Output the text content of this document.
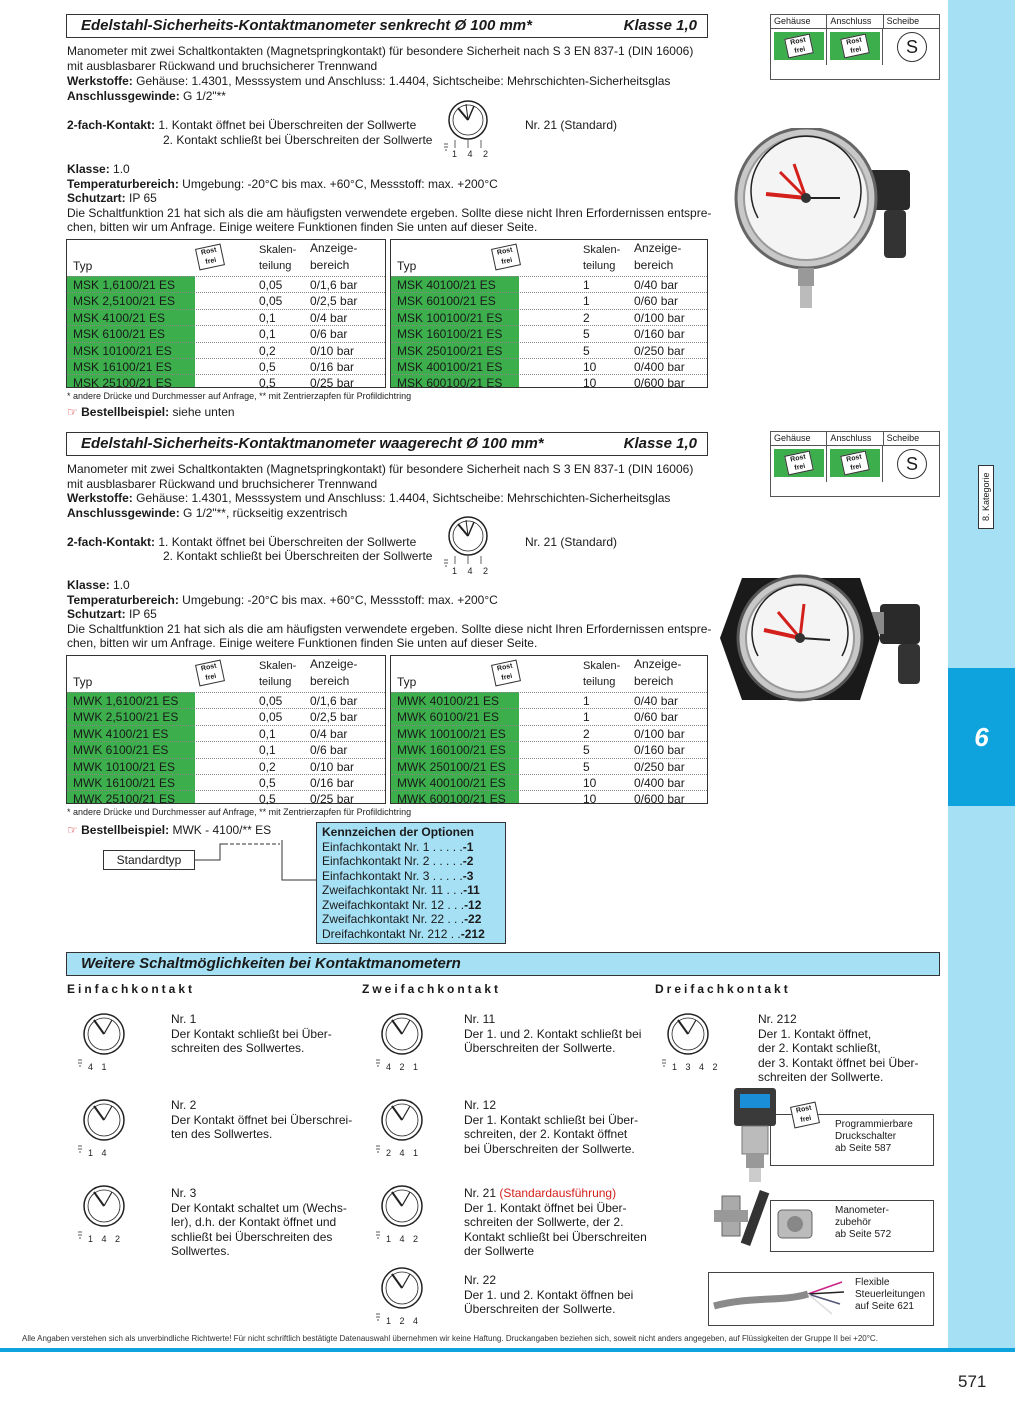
8. Kategorie
6
Edelstahl-Sicherheits-Kontaktmanometer senkrecht Ø 100 mm*	Klasse 1,0	Gehäuse	Anschluss	Scheibe
Rost frei
Rost frei	S
Manometer mit zwei Schaltkontakten (Magnetspringkontakt) für besondere Sicherheit nach S 3 EN 837-1 (DIN 16006)
mit ausblasbarer Rückwand und bruchsicherer Trennwand
Werkstoffe: Gehäuse: 1.4301, Messsystem und Anschluss: 1.4404, Sichtscheibe: Mehrschichten-Sicherheitsglas
Anschlussgewinde: G 1/2"**
2-fach-Kontakt: 1. Kontakt öffnet bei Überschreiten der Sollwerte
2. Kontakt schließt bei Überschreiten der Sollwerte
1 4 2
Nr. 21 (Standard)
Klasse: 1.0
Temperaturbereich: Umgebung: -20°C bis max. +60°C, Messstoff: max. +200°C
Schutzart: IP 65
Die Schaltfunktion 21 hat sich als die am häufigsten verwendete ergeben. Sollte diese nicht Ihren Erfordernissen entspre-
chen, bitten wir um Anfrage. Einige weitere Funktionen finden Sie unten auf dieser Seite.
Typ
Skalen-
teilung
Anzeige-
bereich
Rost frei
MSK 1,6100/21 ES	0,05 0/1,6 bar
MSK 2,5100/21 ES	0,05 0/2,5 bar
MSK 4100/21 ES	0,1	0/4 bar
MSK 6100/21 ES	0,1	0/6 bar
MSK 10100/21 ES	0,2	0/10 bar
MSK 16100/21 ES	0,5	0/16 bar
MSK 25100/21 ES	0,5	0/25 bar
Typ
Skalen-
teilung
Anzeige-
bereich
Rost frei
MSK 40100/21 ES	1	0/40 bar
MSK 60100/21 ES	1	0/60 bar
MSK 100100/21 ES	2	0/100 bar
MSK 160100/21 ES	5	0/160 bar
MSK 250100/21 ES	5	0/250 bar
MSK 400100/21 ES	10	0/400 bar
MSK 600100/21 ES	10	0/600 bar
* andere Drücke und Durchmesser auf Anfrage, ** mit Zentrierzapfen für Profildichtring
☞ Bestellbeispiel: siehe unten
Edelstahl-Sicherheits-Kontaktmanometer waagerecht Ø 100 mm*	Klasse 1,0	Gehäuse	Anschluss	Scheibe
Rost frei
Rost frei	S
Manometer mit zwei Schaltkontakten (Magnetspringkontakt) für besondere Sicherheit nach S 3 EN 837-1 (DIN 16006)
mit ausblasbarer Rückwand und bruchsicherer Trennwand
Werkstoffe: Gehäuse: 1.4301, Messsystem und Anschluss: 1.4404, Sichtscheibe: Mehrschichten-Sicherheitsglas
Anschlussgewinde: G 1/2"**, rückseitig exzentrisch
2-fach-Kontakt: 1. Kontakt öffnet bei Überschreiten der Sollwerte
2. Kontakt schließt bei Überschreiten der Sollwerte
1 4 2
Nr. 21 (Standard)
Klasse: 1.0
Temperaturbereich: Umgebung: -20°C bis max. +60°C, Messstoff: max. +200°C
Schutzart: IP 65
Die Schaltfunktion 21 hat sich als die am häufigsten verwendete ergeben. Sollte diese nicht Ihren Erfordernissen entspre-
chen, bitten wir um Anfrage. Einige weitere Funktionen finden Sie unten auf dieser Seite.
Typ
Skalen-
teilung
Anzeige-
bereich
Rost frei
MWK 1,6100/21 ES	0,05 0/1,6 bar
MWK 2,5100/21 ES	0,05 0/2,5 bar
MWK 4100/21 ES	0,1	0/4 bar
MWK 6100/21 ES	0,1	0/6 bar
MWK 10100/21 ES	0,2	0/10 bar
MWK 16100/21 ES	0,5	0/16 bar
MWK 25100/21 ES	0,5	0/25 bar
Typ
Skalen-
teilung
Anzeige-
bereich
Rost frei
MWK 40100/21 ES	1	0/40 bar
MWK 60100/21 ES	1	0/60 bar
MWK 100100/21 ES	2	0/100 bar
MWK 160100/21 ES	5	0/160 bar
MWK 250100/21 ES	5	0/250 bar
MWK 400100/21 ES	10	0/400 bar
MWK 600100/21 ES	10	0/600 bar
* andere Drücke und Durchmesser auf Anfrage, ** mit Zentrierzapfen für Profildichtring
☞ Bestellbeispiel: MWK - 4100/** ES
Standardtyp
Kennzeichen der Optionen
Einfachkontakt Nr. 1 . . . . . -1
Einfachkontakt Nr. 2 . . . . . -2
Einfachkontakt Nr. 3 . . . . . -3
Zweifachkontakt Nr. 11 . . . -11
Zweifachkontakt Nr. 12 . . . -12
Zweifachkontakt Nr. 22 . . . -22
Dreifachkontakt Nr. 212 . . -212
Weitere Schaltmöglichkeiten bei Kontaktmanometern
Einfachkontakt	Zweifachkontakt	Dreifachkontakt
4 1
1 4
1 4 2
4 2 1
2 4 1
1 4 2
1 2 4
1 3 4 2
Nr. 1
Der Kontakt schließt bei Über-
schreiten des Sollwertes.
Nr. 2
Der Kontakt öffnet bei Überschrei-
ten des Sollwertes.
Nr. 3
Der Kontakt schaltet um (Wechs-
ler), d.h. der Kontakt öffnet und
schließt bei Überschreiten des
Sollwertes.
Nr. 11
Der 1. und 2. Kontakt schließt bei
Überschreiten der Sollwerte.
Nr. 12
Der 1. Kontakt schließt bei Über-
schreiten, der 2. Kontakt öffnet
bei Überschreiten der Sollwerte.
Nr. 21 (Standardausführung)
Der 1. Kontakt öffnet bei Über-
schreiten der Sollwerte, der 2.
Kontakt schließt bei Überschreiten
der Sollwerte
Nr. 22
Der 1. und 2. Kontakt öffnen bei
Überschreiten der Sollwerte.
Nr. 212
Der 1. Kontakt öffnet,
der 2. Kontakt schließt,
der 3. Kontakt öffnet bei Über-
schreiten der Sollwerte.
Programmierbare
Druckschalter
ab Seite 587
Rost frei
Manometer-
zubehör
ab Seite 572
Flexible
Steuerleitungen
auf Seite 621
Alle Angaben verstehen sich als unverbindliche Richtwerte! Für nicht schriftlich bestätigte Datenauswahl übernehmen wir keine Haftung. Druckangaben beziehen sich, soweit nicht anders angegeben, auf Flüssigkeiten der Gruppe II bei +20°C.
571
